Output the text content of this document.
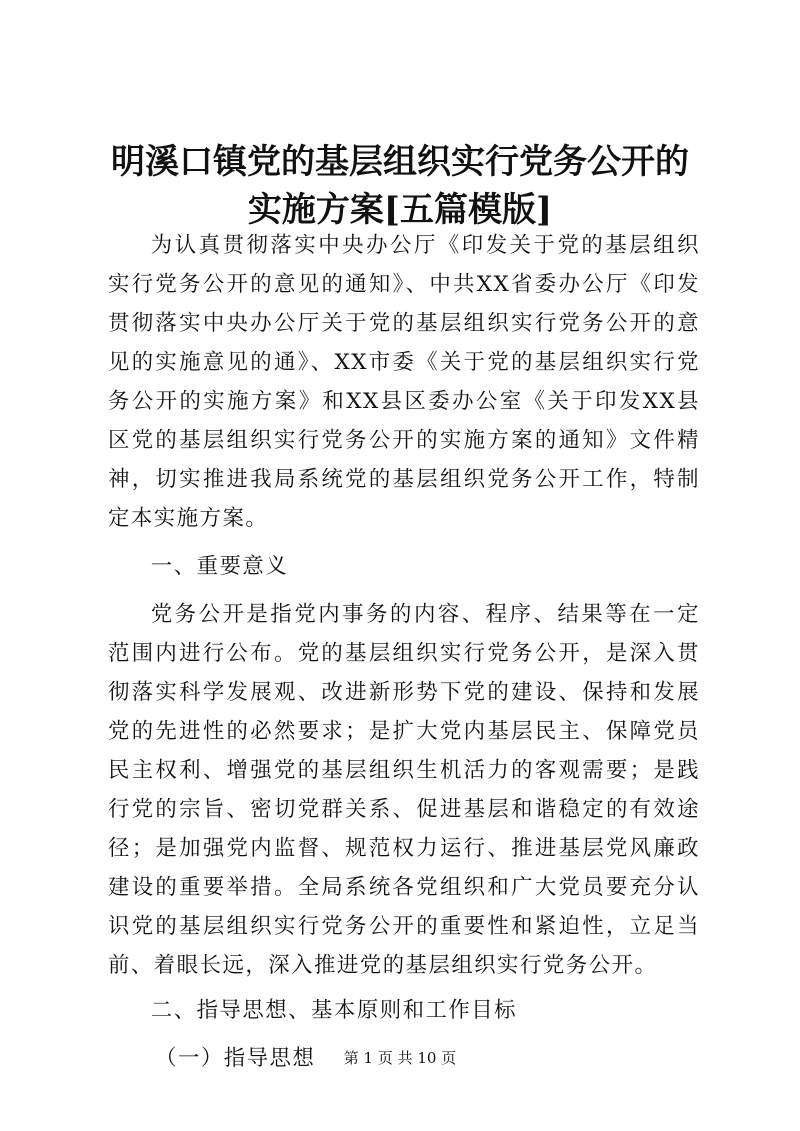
明溪口镇党的基层组织实行党务公开的实施方案[五篇模版]

为认真贯彻落实中央办公厅《印发关于党的基层组织实行党务公开的意见的通知》、中共XX省委办公厅《印发贯彻落实中央办公厅关于党的基层组织实行党务公开的意见的实施意见的通》、XX市委《关于党的基层组织实行党务公开的实施方案》和XX县区委办公室《关于印发XX县区党的基层组织实行党务公开的实施方案的通知》文件精神，切实推进我局系统党的基层组织党务公开工作，特制定本实施方案。

一、重要意义

党务公开是指党内事务的内容、程序、结果等在一定范围内进行公布。党的基层组织实行党务公开，是深入贯彻落实科学发展观、改进新形势下党的建设、保持和发展党的先进性的必然要求；是扩大党内基层民主、保障党员民主权利、增强党的基层组织生机活力的客观需要；是践行党的宗旨、密切党群关系、促进基层和谐稳定的有效途径；是加强党内监督、规范权力运行、推进基层党风廉政建设的重要举措。全局系统各党组织和广大党员要充分认识党的基层组织实行党务公开的重要性和紧迫性，立足当前、着眼长远，深入推进党的基层组织实行党务公开。

二、指导思想、基本原则和工作目标

（一）指导思想	第 1 页 共 10 页
